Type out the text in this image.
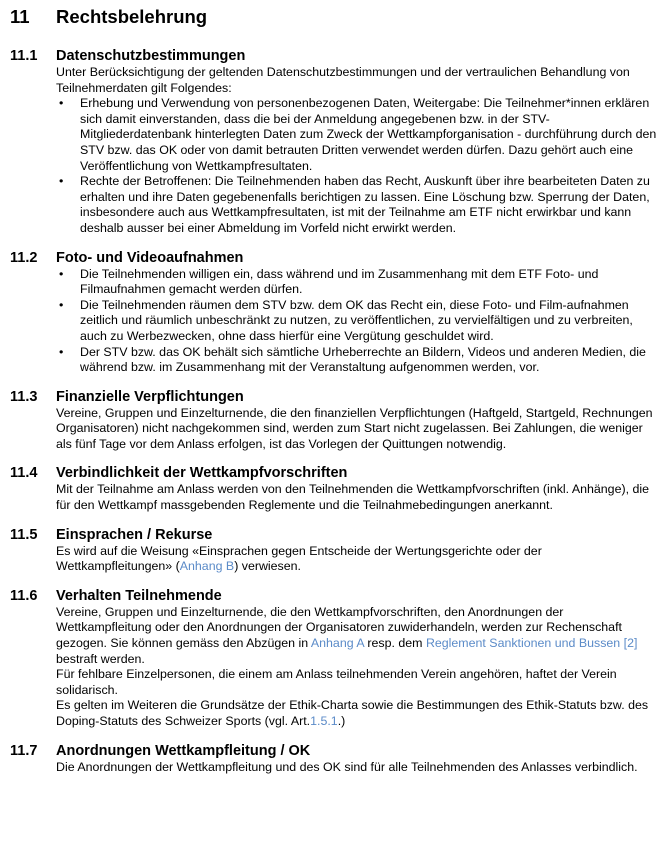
11	Rechtsbelehrung
11.1	Datenschutzbestimmungen

Unter Berücksichtigung der geltenden Datenschutzbestimmungen und der vertraulichen Behandlung von Teilnehmerdaten gilt Folgendes:

• Erhebung und Verwendung von personenbezogenen Daten, Weitergabe: Die Teilnehmer*innen erklären sich damit einverstanden, dass die bei der Anmeldung angegebenen bzw. in der STV-Mitgliederdatenbank hinterlegten Daten zum Zweck der Wettkampforganisation - durchführung durch den STV bzw. das OK oder von damit betrauten Dritten verwendet werden dürfen. Dazu gehört auch eine Veröffentlichung von Wettkampfresultaten.
• Rechte der Betroffenen: Die Teilnehmenden haben das Recht, Auskunft über ihre bearbeiteten Daten zu erhalten und ihre Daten gegebenenfalls berichtigen zu lassen. Eine Löschung bzw. Sperrung der Daten, insbesondere auch aus Wettkampfresultaten, ist mit der Teilnahme am ETF nicht erwirkbar und kann deshalb ausser bei einer Abmeldung im Vorfeld nicht erwirkt werden.
11.2	Foto- und Videoaufnahmen
• Die Teilnehmenden willigen ein, dass während und im Zusammenhang mit dem ETF Foto- und Filmaufnahmen gemacht werden dürfen.
• Die Teilnehmenden räumen dem STV bzw. dem OK das Recht ein, diese Foto- und Film-aufnahmen zeitlich und räumlich unbeschränkt zu nutzen, zu veröffentlichen, zu vervielfältigen und zu verbreiten, auch zu Werbezwecken, ohne dass hierfür eine Vergütung geschuldet wird.
• Der STV bzw. das OK behält sich sämtliche Urheberrechte an Bildern, Videos und anderen Medien, die während bzw. im Zusammenhang mit der Veranstaltung aufgenommen werden, vor.
11.3	Finanzielle Verpflichtungen

Vereine, Gruppen und Einzelturnende, die den finanziellen Verpflichtungen (Haftgeld, Startgeld, Rechnungen Organisatoren) nicht nachgekommen sind, werden zum Start nicht zugelassen. Bei Zahlungen, die weniger als fünf Tage vor dem Anlass erfolgen, ist das Vorlegen der Quittungen notwendig.

11.4	Verbindlichkeit der Wettkampfvorschriften

Mit der Teilnahme am Anlass werden von den Teilnehmenden die Wettkampfvorschriften (inkl. Anhänge), die für den Wettkampf massgebenden Reglemente und die Teilnahmebedingungen anerkannt.

11.5	Einsprachen / Rekurse

Es wird auf die Weisung «Einsprachen gegen Entscheide der Wertungsgerichte oder der Wettkampfleitungen» (Anhang B) verwiesen.

11.6	Verhalten Teilnehmende

Vereine, Gruppen und Einzelturnende, die den Wettkampfvorschriften, den Anordnungen der Wettkampfleitung oder den Anordnungen der Organisatoren zuwiderhandeln, werden zur Rechenschaft gezogen. Sie können gemäss den Abzügen in Anhang A resp. dem Reglement Sanktionen und Bussen [2] bestraft werden.

Für fehlbare Einzelpersonen, die einem am Anlass teilnehmenden Verein angehören, haftet der Verein solidarisch.

Es gelten im Weiteren die Grundsätze der Ethik-Charta sowie die Bestimmungen des Ethik-Statuts bzw. des Doping-Statuts des Schweizer Sports (vgl. Art.1.5.1.)

11.7	Anordnungen Wettkampfleitung / OK

Die Anordnungen der Wettkampfleitung und des OK sind für alle Teilnehmenden des Anlasses verbindlich.
